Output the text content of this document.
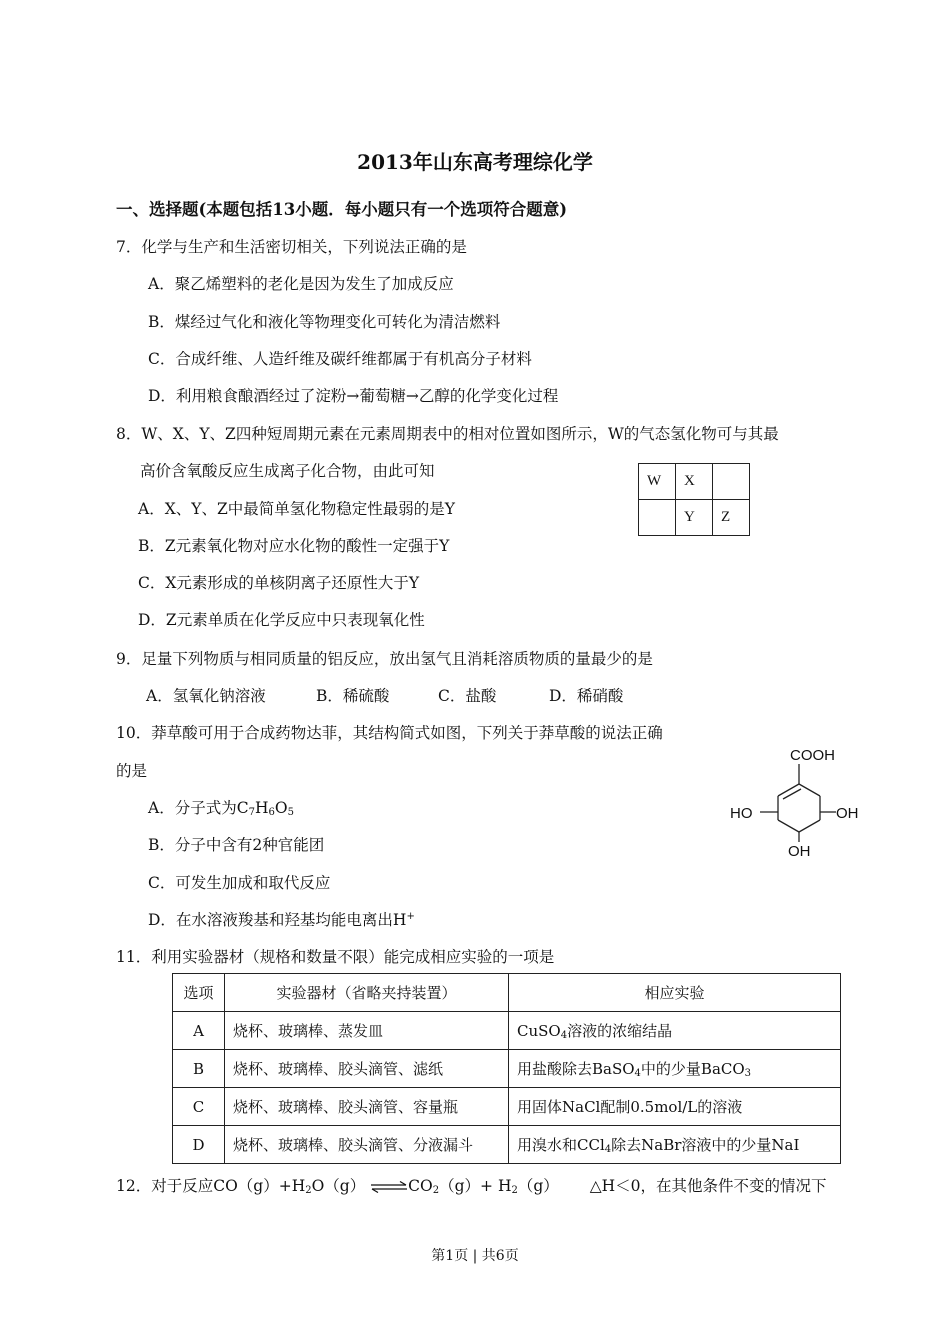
2013年山东高考理综化学
一、选择题(本题包括13小题．每小题只有一个选项符合题意)
7．化学与生产和生活密切相关，下列说法正确的是
A．聚乙烯塑料的老化是因为发生了加成反应
B．煤经过气化和液化等物理变化可转化为清洁燃料
C．合成纤维、人造纤维及碳纤维都属于有机高分子材料
D．利用粮食酿酒经过了淀粉→葡萄糖→乙醇的化学变化过程
8．W、X、Y、Z四种短周期元素在元素周期表中的相对位置如图所示，W的气态氢化物可与其最
高价含氧酸反应生成离子化合物，由此可知
A．X、Y、Z中最简单氢化物稳定性最弱的是Y
B．Z元素氧化物对应水化物的酸性一定强于Y
C．X元素形成的单核阴离子还原性大于Y
D．Z元素单质在化学反应中只表现氧化性
W	X	
	Y	Z
9．足量下列物质与相同质量的铝反应，放出氢气且消耗溶质物质的量最少的是
A．氢氧化钠溶液	B．稀硫酸	C．盐酸	D．稀硝酸
10．莽草酸可用于合成药物达菲，其结构简式如图，下列关于莽草酸的说法正确
的是
A．分子式为$C_7H_6O_5$
B．分子中含有2种官能团
C．可发生加成和取代反应
D．在水溶液羧基和羟基均能电离出H+
COOH
HO	OH
OH
11．利用实验器材（规格和数量不限）能完成相应实验的一项是
选项	实验器材（省略夹持装置）	相应实验
A	烧杯、玻璃棒、蒸发皿	CuSO$_4$溶液的浓缩结晶
B	烧杯、玻璃棒、胶头滴管、滤纸	用盐酸除去BaSO$_4$中的少量BaCO$_3$
C	烧杯、玻璃棒、胶头滴管、容量瓶	用固体NaCl配制0.5mol/L的溶液
D	烧杯、玻璃棒、胶头滴管、分液漏斗	用溴水和CCl$_4$除去NaBr溶液中的少量NaI
12．对于反应$CO(g)+H_2O(g)$ $\rightleftharpoons CO_2(g)+ H_2(g)$ △H＜0，在其他条件不变的情况下
第1页 | 共6页
